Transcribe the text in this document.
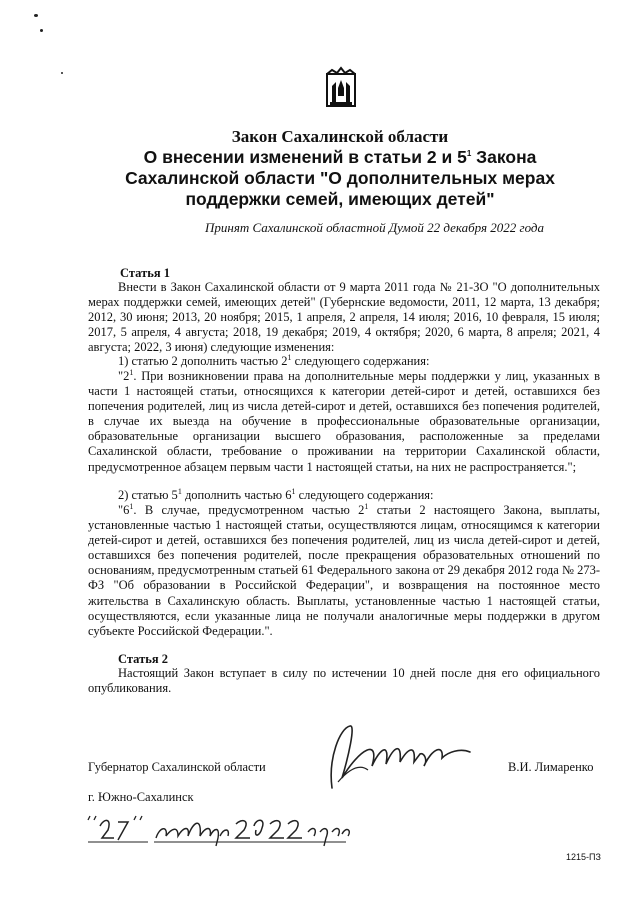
Закон Сахалинской области
О внесении изменений в статьи 2 и $5^1$ Закона
Сахалинской области "О дополнительных мерах
поддержки семей, имеющих детей"
Принят Сахалинской областной Думой 22 декабря 2022 года
Статья 1
Внести в Закон Сахалинской области от 9 марта 2011 года № 21-ЗО "О дополнительных мерах поддержки семей, имеющих детей" (Губернские ведомости, 2011, 12 марта, 13 декабря; 2012, 30 июня; 2013, 20 ноября; 2015, 1 апреля, 2 апреля, 14 июля; 2016, 10 февраля, 15 июля; 2017, 5 апреля, 4 августа; 2018, 19 декабря; 2019, 4 октября; 2020, 6 марта, 8 апреля; 2021, 4 августа; 2022, 3 июня) следующие изменения:
1) статью 2 дополнить частью $2^1$ следующего содержания:
"$2^1$. При возникновении права на дополнительные меры поддержки у лиц, указанных в части 1 настоящей статьи, относящихся к категории детей-сирот и детей, оставшихся без попечения родителей, лиц из числа детей-сирот и детей, оставшихся без попечения родителей, в случае их выезда на обучение в профессиональные образовательные организации, образовательные организации высшего образования, расположенные за пределами Сахалинской области, требование о проживании на территории Сахалинской области, предусмотренное абзацем первым части 1 настоящей статьи, на них не распространяется.";
2) статью $5^1$ дополнить частью $6^1$ следующего содержания:
"$6^1$. В случае, предусмотренном частью $2^1$ статьи 2 настоящего Закона, выплаты, установленные частью 1 настоящей статьи, осуществляются лицам, относящимся к категории детей-сирот и детей, оставшихся без попечения родителей, лиц из числа детей-сирот и детей, оставшихся без попечения родителей, после прекращения образовательных отношений по основаниям, предусмотренным статьей 61 Федерального закона от 29 декабря 2012 года № 273-ФЗ "Об образовании в Российской Федерации", и возвращения на постоянное место жительства в Сахалинскую область. Выплаты, установленные частью 1 настоящей статьи, осуществляются, если указанные лица не получали аналогичные меры поддержки в другом субъекте Российской Федерации.".
Статья 2
Настоящий Закон вступает в силу по истечении 10 дней после дня его официального опубликования.
Губернатор Сахалинской области	В.И. Лимаренко
г. Южно-Сахалинск
1215-ПЗ
